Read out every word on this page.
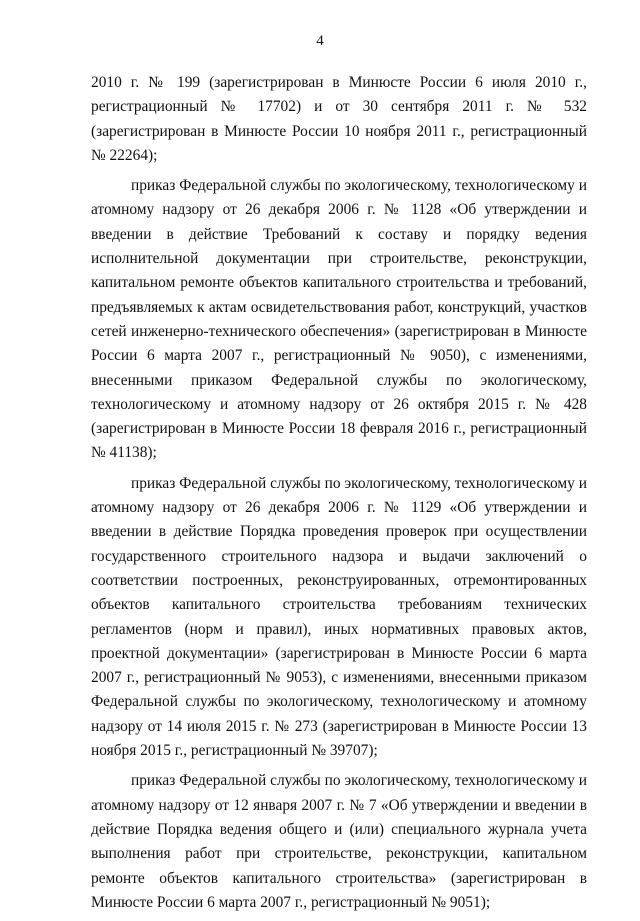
4

2010 г. № 199 (зарегистрирован в Минюсте России 6 июля 2010 г., регистрационный № 17702) и от 30 сентября 2011 г. № 532 (зарегистрирован в Минюсте России 10 ноября 2011 г., регистрационный № 22264);

приказ Федеральной службы по экологическому, технологическому и атомному надзору от 26 декабря 2006 г. № 1128 «Об утверждении и введении в действие Требований к составу и порядку ведения исполнительной документации при строительстве, реконструкции, капитальном ремонте объектов капитального строительства и требований, предъявляемых к актам освидетельствования работ, конструкций, участков сетей инженерно-технического обеспечения» (зарегистрирован в Минюсте России 6 марта 2007 г., регистрационный № 9050), с изменениями, внесенными приказом Федеральной службы по экологическому, технологическому и атомному надзору от 26 октября 2015 г. № 428 (зарегистрирован в Минюсте России 18 февраля 2016 г., регистрационный № 41138);

приказ Федеральной службы по экологическому, технологическому и атомному надзору от 26 декабря 2006 г. № 1129 «Об утверждении и введении в действие Порядка проведения проверок при осуществлении государственного строительного надзора и выдачи заключений о соответствии построенных, реконструированных, отремонтированных объектов капитального строительства требованиям технических регламентов (норм и правил), иных нормативных правовых актов, проектной документации» (зарегистрирован в Минюсте России 6 марта 2007 г., регистрационный № 9053), с изменениями, внесенными приказом Федеральной службы по экологическому, технологическому и атомному надзору от 14 июля 2015 г. № 273 (зарегистрирован в Минюсте России 13 ноября 2015 г., регистрационный № 39707);

приказ Федеральной службы по экологическому, технологическому и атомному надзору от 12 января 2007 г. № 7 «Об утверждении и введении в действие Порядка ведения общего и (или) специального журнала учета выполнения работ при строительстве, реконструкции, капитальном ремонте объектов капитального строительства» (зарегистрирован в Минюсте России 6 марта 2007 г., регистрационный № 9051);
